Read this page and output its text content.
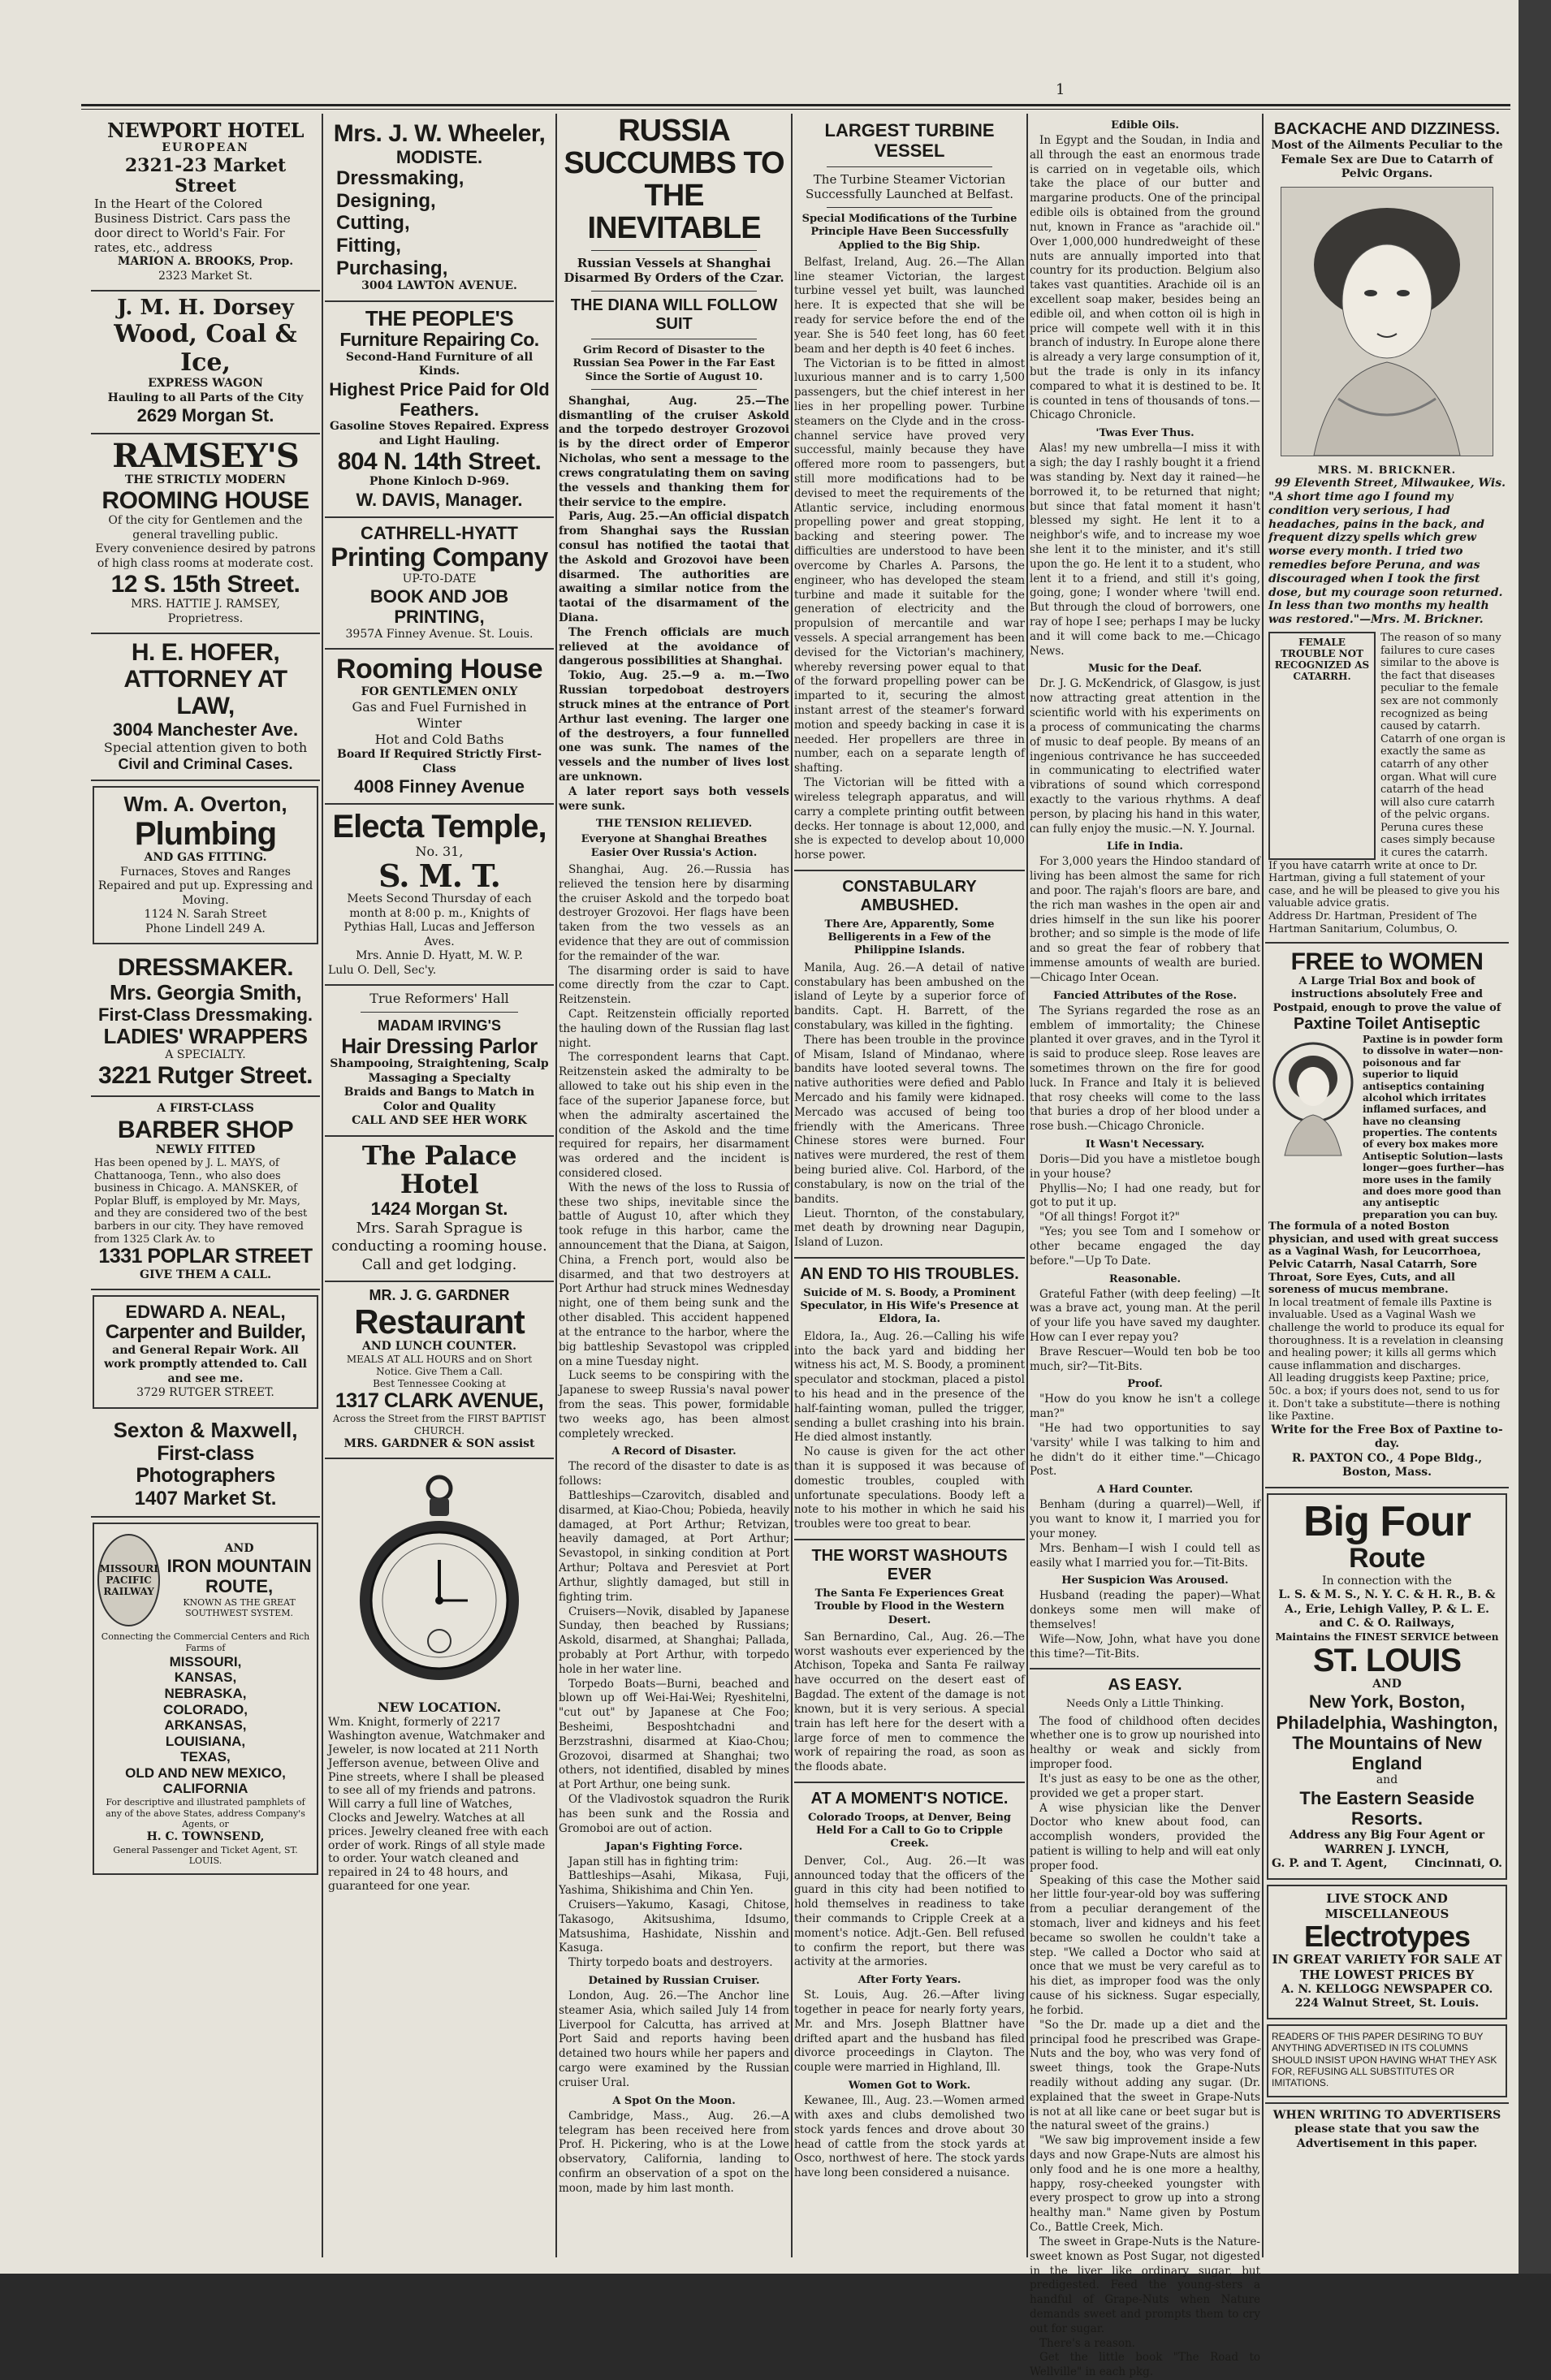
1
NEWPORT HOTEL
EUROPEAN
2321-23 Market Street
In the Heart of the Colored Business District. Cars pass the door direct to World's Fair. For rates, etc., address
MARION A. BROOKS, Prop.
2323 Market St.
J. M. H. Dorsey
Wood, Coal & Ice,
EXPRESS WAGON
Hauling to all Parts of the City
2629 Morgan St.
RAMSEY'S
THE STRICTLY MODERN
ROOMING HOUSE
Of the city for Gentlemen and the general travelling public.
Every convenience desired by patrons of high class rooms at moderate cost.
12 S. 15th Street.
MRS. HATTIE J. RAMSEY, Proprietress.
H. E. HOFER,
ATTORNEY AT LAW,
3004 Manchester Ave.
Special attention given to both
Civil and Criminal Cases.
Wm. A. Overton,
Plumbing
AND GAS FITTING.
Furnaces, Stoves and Ranges Repaired and put up. Expressing and Moving.
1124 N. Sarah Street
Phone Lindell 249 A.
DRESSMAKER.
Mrs. Georgia Smith,
First-Class Dressmaking.
LADIES' WRAPPERS
A SPECIALTY.
3221 Rutger Street.
A FIRST-CLASS
BARBER SHOP
NEWLY FITTED
Has been opened by J. L. MAYS, of Chattanooga, Tenn., who also does business in Chicago. A. MANSKER, of Poplar Bluff, is employed by Mr. Mays, and they are considered two of the best barbers in our city. They have removed from 1325 Clark Av. to
1331 POPLAR STREET
GIVE THEM A CALL.
EDWARD A. NEAL,
Carpenter and Builder,
and General Repair Work. All work promptly attended to. Call and see me.
3729 RUTGER STREET.
Sexton & Maxwell,
First-class Photographers
1407 Market St.
MISSOURI PACIFIC RAILWAY
AND
IRON MOUNTAIN ROUTE,
KNOWN AS THE GREAT SOUTHWEST SYSTEM.
Connecting the Commercial Centers and Rich Farms of
MISSOURI,
KANSAS,
NEBRASKA,
COLORADO,
ARKANSAS,
LOUISIANA,
TEXAS,
OLD AND NEW MEXICO,
CALIFORNIA
For descriptive and illustrated pamphlets of any of the above States, address Company's Agents, or
H. C. TOWNSEND,
General Passenger and Ticket Agent, ST. LOUIS.
Mrs. J. W. Wheeler,
MODISTE.
Dressmaking,
Designing,
Cutting,
Fitting,
Purchasing,
3004 LAWTON AVENUE.
THE PEOPLE'S
Furniture Repairing Co.
Second-Hand Furniture of all Kinds.
Highest Price Paid for Old Feathers.
Gasoline Stoves Repaired. Express and Light Hauling.
804 N. 14th Street.
Phone Kinloch D-969.
W. DAVIS, Manager.
CATHRELL-HYATT
Printing Company
UP-TO-DATE
BOOK AND JOB PRINTING,
3957A Finney Avenue. St. Louis.
Rooming House
FOR GENTLEMEN ONLY
Gas and Fuel Furnished in Winter
Hot and Cold Baths
Board If Required Strictly First-Class
4008 Finney Avenue
Electa Temple,
No. 31,
S. M. T.
Meets Second Thursday of each month at 8:00 p. m., Knights of Pythias Hall, Lucas and Jefferson Aves.
Mrs. Annie D. Hyatt, M. W. P.
Lulu O. Dell, Sec'y.
True Reformers' Hall
MADAM IRVING'S
Hair Dressing Parlor
Shampooing, Straightening, Scalp Massaging a Specialty
Braids and Bangs to Match in Color and Quality
CALL AND SEE HER WORK
The Palace Hotel
1424 Morgan St.
Mrs. Sarah Sprague is conducting a rooming house.
Call and get lodging.
MR. J. G. GARDNER
Restaurant
AND LUNCH COUNTER.
MEALS AT ALL HOURS and on Short Notice. Give Them a Call.
Best Tennessee Cooking at
1317 CLARK AVENUE,
Across the Street from the FIRST BAPTIST CHURCH.
MRS. GARDNER & SON assist
NEW LOCATION.
Wm. Knight, formerly of 2217 Washington avenue, Watchmaker and Jeweler, is now located at 211 North Jefferson avenue, between Olive and Pine streets, where I shall be pleased to see all of my friends and patrons. Will carry a full line of Watches, Clocks and Jewelry. Watches at all prices. Jewelry cleaned free with each order of work. Rings of all style made to order. Your watch cleaned and repaired in 24 to 48 hours, and guaranteed for one year.
RUSSIA SUCCUMBS TO THE INEVITABLE
Russian Vessels at Shanghai Disarmed By Orders of the Czar.
THE DIANA WILL FOLLOW SUIT
Grim Record of Disaster to the Russian Sea Power in the Far East Since the Sortie of August 10.

Shanghai, Aug. 25.—The dismantling of the cruiser Askold and the torpedo destroyer Grozovoi is by the direct order of Emperor Nicholas, who sent a message to the crews congratulating them on saving the vessels and thanking them for their service to the empire.

Paris, Aug. 25.—An official dispatch from Shanghai says the Russian consul has notified the taotai that the Askold and Grozovoi have been disarmed. The authorities are awaiting a similar notice from the taotai of the disarmament of the Diana.

The French officials are much relieved at the avoidance of dangerous possibilities at Shanghai.

Tokio, Aug. 25.—9 a. m.—Two Russian torpedoboat destroyers struck mines at the entrance of Port Arthur last evening. The larger one of the destroyers, a four funnelled one was sunk. The names of the vessels and the number of lives lost are unknown.

A later report says both vessels were sunk.

THE TENSION RELIEVED.
Everyone at Shanghai Breathes Easier Over Russia's Action.

Shanghai, Aug. 26.—Russia has relieved the tension here by disarming the cruiser Askold and the torpedo boat destroyer Grozovoi. Her flags have been taken from the two vessels as an evidence that they are out of commission for the remainder of the war.

The disarming order is said to have come directly from the czar to Capt. Reitzenstein.

Capt. Reitzenstein officially reported the hauling down of the Russian flag last night.

The correspondent learns that Capt. Reitzenstein asked the admiralty to be allowed to take out his ship even in the face of the superior Japanese force, but when the admiralty ascertained the condition of the Askold and the time required for repairs, her disarmament was ordered and the incident is considered closed.

With the news of the loss to Russia of these two ships, inevitable since the battle of August 10, after which they took refuge in this harbor, came the announcement that the Diana, at Saigon, China, a French port, would also be disarmed, and that two destroyers at Port Arthur had struck mines Wednesday night, one of them being sunk and the other disabled. This accident happened at the entrance to the harbor, where the big battleship Sevastopol was crippled on a mine Tuesday night.

Luck seems to be conspiring with the Japanese to sweep Russia's naval power from the seas. This power, formidable two weeks ago, has been almost completely wrecked.

A Record of Disaster.

The record of the disaster to date is as follows:

Battleships—Czarovitch, disabled and disarmed, at Kiao-Chou; Pobieda, heavily damaged, at Port Arthur; Retvizan, heavily damaged, at Port Arthur; Sevastopol, in sinking condition at Port Arthur; Poltava and Peresviet at Port Arthur, slightly damaged, but still in fighting trim.

Cruisers—Novik, disabled by Japanese Sunday, then beached by Russians; Askold, disarmed, at Shanghai; Pallada, probably at Port Arthur, with torpedo hole in her water line.

Torpedo Boats—Burni, beached and blown up off Wei-Hai-Wei; Ryeshitelni, "cut out" by Japanese at Che Foo; Besheimi, Besposhtchadni and Berzstrashni, disarmed at Kiao-Chou; Grozovoi, disarmed at Shanghai; two others, not identified, disabled by mines at Port Arthur, one being sunk.

Of the Vladivostok squadron the Rurik has been sunk and the Rossia and Gromoboi are out of action.

Japan's Fighting Force.

Japan still has in fighting trim:

Battleships—Asahi, Mikasa, Fuji, Yashima, Shikishima and Chin Yen.

Cruisers—Yakumo, Kasagi, Chitose, Takasogo, Akitsushima, Idsumo, Matsushima, Hashidate, Nisshin and Kasuga.

Thirty torpedo boats and destroyers.

Detained by Russian Cruiser.

London, Aug. 26.—The Anchor line steamer Asia, which sailed July 14 from Liverpool for Calcutta, has arrived at Port Said and reports having been detained two hours while her papers and cargo were examined by the Russian cruiser Ural.

A Spot On the Moon.

Cambridge, Mass., Aug. 26.—A telegram has been received here from Prof. H. Pickering, who is at the Lowe observatory, California, landing to confirm an observation of a spot on the moon, made by him last month.

LARGEST TURBINE VESSEL
The Turbine Steamer Victorian Successfully Launched at Belfast.
Special Modifications of the Turbine Principle Have Been Successfully Applied to the Big Ship.

Belfast, Ireland, Aug. 26.—The Allan line steamer Victorian, the largest turbine vessel yet built, was launched here. It is expected that she will be ready for service before the end of the year. She is 540 feet long, has 60 feet beam and her depth is 40 feet 6 inches.

The Victorian is to be fitted in almost luxurious manner and is to carry 1,500 passengers, but the chief interest in her lies in her propelling power. Turbine steamers on the Clyde and in the cross-channel service have proved very successful, mainly because they have offered more room to passengers, but still more modifications had to be devised to meet the requirements of the Atlantic service, including enormous propelling power and great stopping, backing and steering power. The difficulties are understood to have been overcome by Charles A. Parsons, the engineer, who has developed the steam turbine and made it suitable for the generation of electricity and the propulsion of mercantile and war vessels. A special arrangement has been devised for the Victorian's machinery, whereby reversing power equal to that of the forward propelling power can be imparted to it, securing the almost instant arrest of the steamer's forward motion and speedy backing in case it is needed. Her propellers are three in number, each on a separate length of shafting.

The Victorian will be fitted with a wireless telegraph apparatus, and will carry a complete printing outfit between decks. Her tonnage is about 12,000, and she is expected to develop about 10,000 horse power.

CONSTABULARY AMBUSHED.
There Are, Apparently, Some Belligerents in a Few of the Philippine Islands.

Manila, Aug. 26.—A detail of native constabulary has been ambushed on the island of Leyte by a superior force of bandits. Capt. H. Barrett, of the constabulary, was killed in the fighting.

There has been trouble in the province of Misam, Island of Mindanao, where bandits have looted several towns. The native authorities were defied and Pablo Mercado and his family were kidnaped. Mercado was accused of being too friendly with the Americans. Three Chinese stores were burned. Four natives were murdered, the rest of them being buried alive. Col. Harbord, of the constabulary, is now on the trial of the bandits.

Lieut. Thornton, of the constabulary, met death by drowning near Dagupin, Island of Luzon.

AN END TO HIS TROUBLES.
Suicide of M. S. Boody, a Prominent Speculator, in His Wife's Presence at Eldora, Ia.

Eldora, Ia., Aug. 26.—Calling his wife into the back yard and bidding her witness his act, M. S. Boody, a prominent speculator and stockman, placed a pistol to his head and in the presence of the half-fainting woman, pulled the trigger, sending a bullet crashing into his brain. He died almost instantly.

No cause is given for the act other than it is supposed it was because of domestic troubles, coupled with unfortunate speculations. Boody left a note to his mother in which he said his troubles were too great to bear.

THE WORST WASHOUTS EVER
The Santa Fe Experiences Great Trouble by Flood in the Western Desert.

San Bernardino, Cal., Aug. 26.—The worst washouts ever experienced by the Atchison, Topeka and Santa Fe railway have occurred on the desert east of Bagdad. The extent of the damage is not known, but it is very serious. A special train has left here for the desert with a large force of men to commence the work of repairing the road, as soon as the floods abate.

AT A MOMENT'S NOTICE.
Colorado Troops, at Denver, Being Held For a Call to Go to Cripple Creek.

Denver, Col., Aug. 26.—It was announced today that the officers of the guard in this city had been notified to hold themselves in readiness to take their commands to Cripple Creek at a moment's notice. Adjt.-Gen. Bell refused to confirm the report, but there was activity at the armories.

After Forty Years.

St. Louis, Aug. 26.—After living together in peace for nearly forty years, Mr. and Mrs. Joseph Blattner have drifted apart and the husband has filed divorce proceedings in Clayton. The couple were married in Highland, Ill.

Women Got to Work.

Kewanee, Ill., Aug. 23.—Women armed with axes and clubs demolished two stock yards fences and drove about 30 head of cattle from the stock yards at Osco, northwest of here. The stock yards have long been considered a nuisance.

Edible Oils.

In Egypt and the Soudan, in India and all through the east an enormous trade is carried on in vegetable oils, which take the place of our butter and margarine products. One of the principal edible oils is obtained from the ground nut, known in France as "arachide oil." Over 1,000,000 hundredweight of these nuts are annually imported into that country for its production. Belgium also takes vast quantities. Arachide oil is an excellent soap maker, besides being an edible oil, and when cotton oil is high in price will compete well with it in this branch of industry. In Europe alone there is already a very large consumption of it, but the trade is only in its infancy compared to what it is destined to be. It is counted in tens of thousands of tons.—Chicago Chronicle.

'Twas Ever Thus.

Alas! my new umbrella—I miss it with a sigh; the day I rashly bought it a friend was standing by. Next day it rained—he borrowed it, to be returned that night; but since that fatal moment it hasn't blessed my sight. He lent it to a neighbor's wife, and to increase my woe she lent it to the minister, and it's still upon the go. He lent it to a student, who lent it to a friend, and still it's going, going, gone; I wonder where 'twill end. But through the cloud of borrowers, one ray of hope I see; perhaps I may be lucky and it will come back to me.—Chicago News.

Music for the Deaf.

Dr. J. G. McKendrick, of Glasgow, is just now attracting great attention in the scientific world with his experiments on a process of communicating the charms of music to deaf people. By means of an ingenious contrivance he has succeeded in communicating to electrified water vibrations of sound which correspond exactly to the various rhythms. A deaf person, by placing his hand in this water, can fully enjoy the music.—N. Y. Journal.

Life in India.

For 3,000 years the Hindoo standard of living has been almost the same for rich and poor. The rajah's floors are bare, and the rich man washes in the open air and dries himself in the sun like his poorer brother; and so simple is the mode of life and so great the fear of robbery that immense amounts of wealth are buried.—Chicago Inter Ocean.

Fancied Attributes of the Rose.

The Syrians regarded the rose as an emblem of immortality; the Chinese planted it over graves, and in the Tyrol it is said to produce sleep. Rose leaves are sometimes thrown on the fire for good luck. In France and Italy it is believed that rosy cheeks will come to the lass that buries a drop of her blood under a rose bush.—Chicago Chronicle.

It Wasn't Necessary.

Doris—Did you have a mistletoe bough in your house?

Phyllis—No; I had one ready, but for got to put it up.

"Of all things! Forgot it?"

"Yes; you see Tom and I somehow or other became engaged the day before."—Up To Date.

Reasonable.

Grateful Father (with deep feeling) —It was a brave act, young man. At the peril of your life you have saved my daughter. How can I ever repay you?

Brave Rescuer—Would ten bob be too much, sir?—Tit-Bits.

Proof.

"How do you know he isn't a college man?"

"He had two opportunities to say 'varsity' while I was talking to him and he didn't do it either time."—Chicago Post.

A Hard Counter.

Benham (during a quarrel)—Well, if you want to know it, I married you for your money.

Mrs. Benham—I wish I could tell as easily what I married you for.—Tit-Bits.

Her Suspicion Was Aroused.

Husband (reading the paper)—What donkeys some men will make of themselves!

Wife—Now, John, what have you done this time?—Tit-Bits.

AS EASY.
Needs Only a Little Thinking.

The food of childhood often decides whether one is to grow up nourished into healthy or weak and sickly from improper food.

It's just as easy to be one as the other, provided we get a proper start.

A wise physician like the Denver Doctor who knew about food, can accomplish wonders, provided the patient is willing to help and will eat only proper food.

Speaking of this case the Mother said her little four-year-old boy was suffering from a peculiar derangement of the stomach, liver and kidneys and his feet became so swollen he couldn't take a step. "We called a Doctor who said at once that we must be very careful as to his diet, as improper food was the only cause of his sickness. Sugar especially, he forbid.

"So the Dr. made up a diet and the principal food he prescribed was Grape-Nuts and the boy, who was very fond of sweet things, took the Grape-Nuts readily without adding any sugar. (Dr. explained that the sweet in Grape-Nuts is not at all like cane or beet sugar but is the natural sweet of the grains.)

"We saw big improvement inside a few days and now Grape-Nuts are almost his only food and he is one more a healthy, happy, rosy-cheeked youngster with every prospect to grow up into a strong healthy man." Name given by Postum Co., Battle Creek, Mich.

The sweet in Grape-Nuts is the Nature-sweet known as Post Sugar, not digested in the liver like ordinary sugar, but predigested. Feed the young-sters a handful of Grape-Nuts when Nature demands sweet and prompts them to cry out for sugar.

There's a reason.

Get the little book "The Road to Wellville" in each pkg.

BACKACHE AND DIZZINESS.
Most of the Ailments Peculiar to the Female Sex are Due to Catarrh of Pelvic Organs.
MRS. M. BRICKNER.
99 Eleventh Street, Milwaukee, Wis.
"A short time ago I found my condition very serious, I had headaches, pains in the back, and frequent dizzy spells which grew worse every month. I tried two remedies before Peruna, and was discouraged when I took the first dose, but my courage soon returned. In less than two months my health was restored."—Mrs. M. Brickner.
FEMALE TROUBLE NOT RECOGNIZED AS CATARRH.
The reason of so many failures to cure cases similar to the above is the fact that diseases peculiar to the female sex are not commonly recognized as being caused by catarrh. Catarrh of one organ is exactly the same as catarrh of any other organ. What will cure catarrh of the head will also cure catarrh of the pelvic organs. Peruna cures these cases simply because it cures the catarrh.
If you have catarrh write at once to Dr. Hartman, giving a full statement of your case, and he will be pleased to give you his valuable advice gratis.
Address Dr. Hartman, President of The Hartman Sanitarium, Columbus, O.
FREE to WOMEN
A Large Trial Box and book of instructions absolutely Free and Postpaid, enough to prove the value of
Paxtine Toilet Antiseptic
Paxtine is in powder form to dissolve in water—non-poisonous and far superior to liquid antiseptics containing alcohol which irritates inflamed surfaces, and have no cleansing properties. The contents of every box makes more Antiseptic Solution—lasts longer—goes further—has more uses in the family and does more good than any antiseptic preparation you can buy.
The formula of a noted Boston physician, and used with great success as a Vaginal Wash, for Leucorrhoea, Pelvic Catarrh, Nasal Catarrh, Sore Throat, Sore Eyes, Cuts, and all soreness of mucus membrane.
In local treatment of female ills Paxtine is invaluable. Used as a Vaginal Wash we challenge the world to produce its equal for thoroughness. It is a revelation in cleansing and healing power; it kills all germs which cause inflammation and discharges.
All leading druggists keep Paxtine; price, 50c. a box; if yours does not, send to us for it. Don't take a substitute—there is nothing like Paxtine.
Write for the Free Box of Paxtine to-day.
R. PAXTON CO., 4 Pope Bldg., Boston, Mass.
Big Four
Route
In connection with the
L. S. & M. S., N. Y. C. & H. R., B. & A., Erie, Lehigh Valley, P. & L. E. and C. & O. Railways,
Maintains the FINEST SERVICE between
ST. LOUIS
AND
New York, Boston, Philadelphia, Washington,
The Mountains of New England
and
The Eastern Seaside Resorts.
Address any Big Four Agent or
WARREN J. LYNCH,
G. P. and T. Agent, Cincinnati, O.
LIVE STOCK AND MISCELLANEOUS
Electrotypes
IN GREAT VARIETY FOR SALE AT THE LOWEST PRICES BY
A. N. KELLOGG NEWSPAPER CO.
224 Walnut Street, St. Louis.
READERS OF THIS PAPER DESIRING TO BUY ANYTHING ADVERTISED IN ITS COLUMNS SHOULD INSIST UPON HAVING WHAT THEY ASK FOR, REFUSING ALL SUBSTITUTES OR IMITATIONS.
WHEN WRITING TO ADVERTISERS please state that you saw the Advertisement in this paper.
